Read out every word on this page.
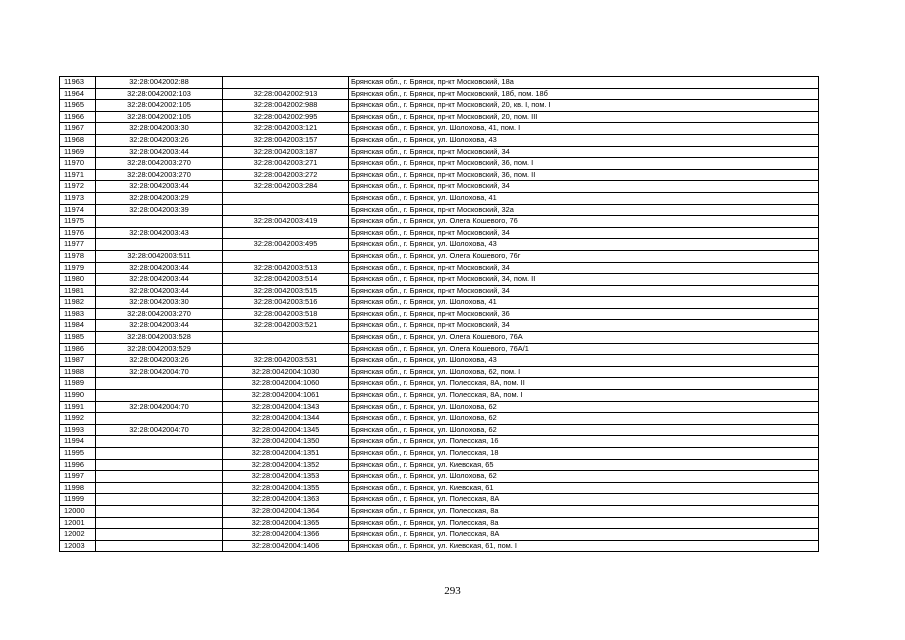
11963	32:28:0042002:88		Брянская обл., г. Брянск, пр-кт Московский, 18а
11964	32:28:0042002:103	32:28:0042002:913	Брянская обл., г. Брянск, пр-кт Московский, 18б, пом. 18б
11965	32:28:0042002:105	32:28:0042002:988	Брянская обл., г. Брянск, пр-кт Московский, 20, кв. I, пом. I
11966	32:28:0042002:105	32:28:0042002:995	Брянская обл., г. Брянск, пр-кт Московский, 20, пом. III
11967	32:28:0042003:30	32:28:0042003:121	Брянская обл., г. Брянск, ул. Шолохова, 41, пом. I
11968	32:28:0042003:26	32:28:0042003:157	Брянская обл., г. Брянск, ул. Шолохова, 43
11969	32:28:0042003:44	32:28:0042003:187	Брянская обл., г. Брянск, пр-кт Московский, 34
11970	32:28:0042003:270	32:28:0042003:271	Брянская обл., г. Брянск, пр-кт Московский, 36, пом. I
11971	32:28:0042003:270	32:28:0042003:272	Брянская обл., г. Брянск, пр-кт Московский, 36, пом. II
11972	32:28:0042003:44	32:28:0042003:284	Брянская обл., г. Брянск, пр-кт Московский, 34
11973	32:28:0042003:29		Брянская обл., г. Брянск, ул. Шолохова, 41
11974	32:28:0042003:39		Брянская обл., г. Брянск, пр-кт Московский, 32а
11975		32:28:0042003:419	Брянская обл., г. Брянск, ул. Олега Кошевого, 76
11976	32:28:0042003:43		Брянская обл., г. Брянск, пр-кт Московский, 34
11977		32:28:0042003:495	Брянская обл., г. Брянск, ул. Шолохова, 43
11978	32:28:0042003:511		Брянская обл., г. Брянск, ул. Олега Кошевого, 76г
11979	32:28:0042003:44	32:28:0042003:513	Брянская обл., г. Брянск, пр-кт Московский, 34
11980	32:28:0042003:44	32:28:0042003:514	Брянская обл., г. Брянск, пр-кт Московский, 34, пом. II
11981	32:28:0042003:44	32:28:0042003:515	Брянская обл., г. Брянск, пр-кт Московский, 34
11982	32:28:0042003:30	32:28:0042003:516	Брянская обл., г. Брянск, ул. Шолохова, 41
11983	32:28:0042003:270	32:28:0042003:518	Брянская обл., г. Брянск, пр-кт Московский, 36
11984	32:28:0042003:44	32:28:0042003:521	Брянская обл., г. Брянск, пр-кт Московский, 34
11985	32:28:0042003:528		Брянская обл., г. Брянск, ул. Олега Кошевого, 76А
11986	32:28:0042003:529		Брянская обл., г. Брянск, ул. Олега Кошевого, 76А/1
11987	32:28:0042003:26	32:28:0042003:531	Брянская обл., г. Брянск, ул. Шолохова, 43
11988	32:28:0042004:70	32:28:0042004:1030	Брянская обл., г. Брянск, ул. Шолохова, 62, пом. I
11989		32:28:0042004:1060	Брянская обл., г. Брянск, ул. Полесская, 8А, пом. II
11990		32:28:0042004:1061	Брянская обл., г. Брянск, ул. Полесская, 8А, пом. I
11991	32:28:0042004:70	32:28:0042004:1343	Брянская обл., г. Брянск, ул. Шолохова, 62
11992		32:28:0042004:1344	Брянская обл., г. Брянск, ул. Шолохова, 62
11993	32:28:0042004:70	32:28:0042004:1345	Брянская обл., г. Брянск, ул. Шолохова, 62
11994		32:28:0042004:1350	Брянская обл., г. Брянск, ул. Полесская, 16
11995		32:28:0042004:1351	Брянская обл., г. Брянск, ул. Полесская, 18
11996		32:28:0042004:1352	Брянская обл., г. Брянск, ул. Киевская, 65
11997		32:28:0042004:1353	Брянская обл., г. Брянск, ул. Шолохова, 62
11998		32:28:0042004:1355	Брянская обл., г. Брянск, ул. Киевская, 61
11999		32:28:0042004:1363	Брянская обл., г. Брянск, ул. Полесская, 8А
12000		32:28:0042004:1364	Брянская обл., г. Брянск, ул. Полесская, 8а
12001		32:28:0042004:1365	Брянская обл., г. Брянск, ул. Полесская, 8а
12002		32:28:0042004:1366	Брянская обл., г. Брянск, ул. Полесская, 8А
12003		32:28:0042004:1406	Брянская обл., г. Брянск, ул. Киевская, 61, пом. I
293
